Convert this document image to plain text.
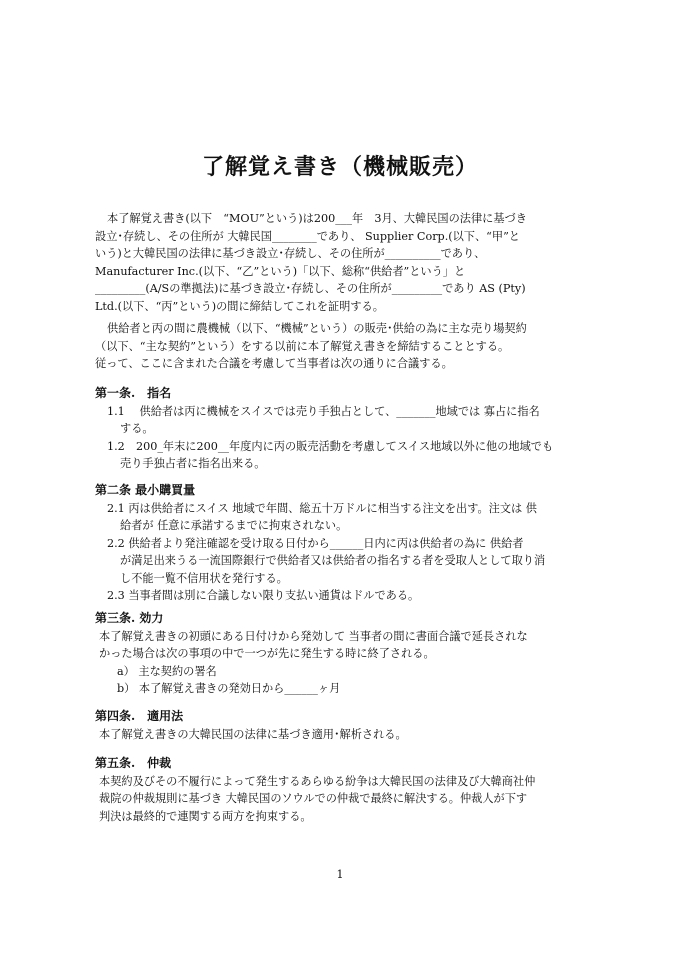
了解覚え書き（機械販売）
本了解覚え書き(以下　“MOU”という)は200___年　3月、大韓民国の法律に基づき
設立･存続し、その住所が 大韓民国________であり、 Supplier Corp.(以下、“甲”と
いう)と大韓民国の法律に基づき設立･存続し、その住所が__________であり、
Manufacturer Inc.(以下、“乙”という)「以下、総称“供給者”という」と
_________(A/Sの準拠法)に基づき設立･存続し、その住所が_________であり AS (Pty)
Ltd.(以下、“丙”という)の間に締結してこれを証明する。
供給者と丙の間に農機械（以下、“機械”という）の販売･供給の為に主な売り場契約
（以下、“主な契約”という）をする以前に本了解覚え書きを締結することとする。
従って、ここに含まれた合議を考慮して当事者は次の通りに合議する。
第一条.　指名
1.1　 供給者は丙に機械をスイスでは売り手独占として、_______地域では 寡占に指名
する。
1.2　200_年末に200__年度内に丙の販売活動を考慮してスイス地域以外に他の地域でも
売り手独占者に指名出来る。
第二条 最小購買量
2.1 丙は供給者にスイス 地域で年間、総五十万ドルに相当する注文を出す。注文は 供
給者が 任意に承諾するまでに拘束されない。
2.2 供給者より発注確認を受け取る日付から______日内に丙は供給者の為に 供給者
が満足出来うる一流国際銀行で供給者又は供給者の指名する者を受取人として取り消
し不能一覧不信用状を発行する。
2.3 当事者間は別に合議しない限り支払い通貨はドルである。
第三条. 効力
本了解覚え書きの初頭にある日付けから発効して 当事者の間に書面合議で延長されな
かった場合は次の事項の中で一つが先に発生する時に終了される。
a） 主な契約の署名
b） 本了解覚え書きの発効日から______ヶ月
第四条.　適用法
本了解覚え書きの大韓民国の法律に基づき適用･解析される。
第五条.　仲裁
本契約及びその不履行によって発生するあらゆる紛争は大韓民国の法律及び大韓商社仲
裁院の仲裁規則に基づき 大韓民国のソウルでの仲裁で最終に解決する。仲裁人が下す
判決は最終的で連関する両方を拘束する。
1
